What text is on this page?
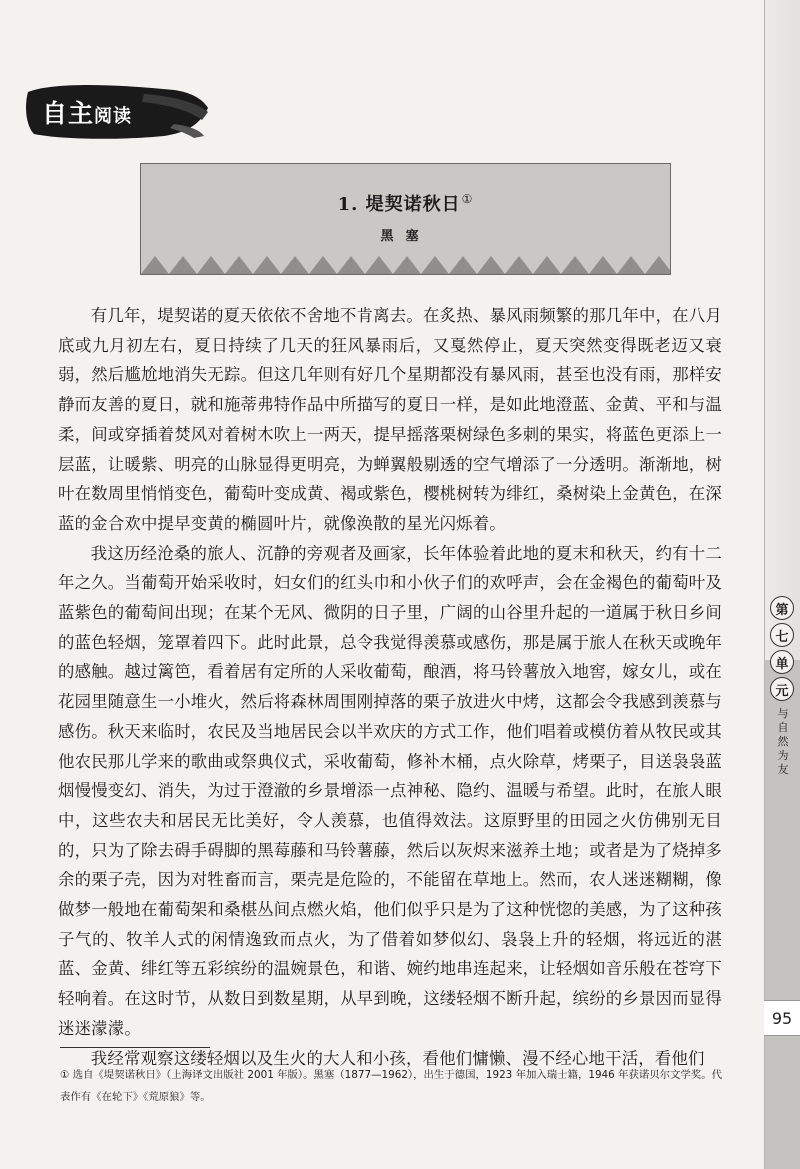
自主阅读
1. 堤契诺秋日①
黑塞

有几年，堤契诺的夏天依依不舍地不肯离去。在炙热、暴风雨频繁的那几年中，在八月底或九月初左右，夏日持续了几天的狂风暴雨后，又戛然停止，夏天突然变得既老迈又衰弱，然后尴尬地消失无踪。但这几年则有好几个星期都没有暴风雨，甚至也没有雨，那样安静而友善的夏日，就和施蒂弗特作品中所描写的夏日一样，是如此地澄蓝、金黄、平和与温柔，间或穿插着焚风对着树木吹上一两天，提早摇落栗树绿色多刺的果实，将蓝色更添上一层蓝，让暖紫、明亮的山脉显得更明亮，为蝉翼般剔透的空气增添了一分透明。渐渐地，树叶在数周里悄悄变色，葡萄叶变成黄、褐或紫色，樱桃树转为绯红，桑树染上金黄色，在深蓝的金合欢中提早变黄的椭圆叶片，就像涣散的星光闪烁着。

我这历经沧桑的旅人、沉静的旁观者及画家，长年体验着此地的夏末和秋天，约有十二年之久。当葡萄开始采收时，妇女们的红头巾和小伙子们的欢呼声，会在金褐色的葡萄叶及蓝紫色的葡萄间出现；在某个无风、微阴的日子里，广阔的山谷里升起的一道属于秋日乡间的蓝色轻烟，笼罩着四下。此时此景，总令我觉得羡慕或感伤，那是属于旅人在秋天或晚年的感触。越过篱笆，看着居有定所的人采收葡萄，酿酒，将马铃薯放入地窖，嫁女儿，或在花园里随意生一小堆火，然后将森林周围刚掉落的栗子放进火中烤，这都会令我感到羡慕与感伤。秋天来临时，农民及当地居民会以半欢庆的方式工作，他们唱着或模仿着从牧民或其他农民那儿学来的歌曲或祭典仪式，采收葡萄，修补木桶，点火除草，烤栗子，目送袅袅蓝烟慢慢变幻、消失，为过于澄澈的乡景增添一点神秘、隐约、温暖与希望。此时，在旅人眼中，这些农夫和居民无比美好，令人羡慕，也值得效法。这原野里的田园之火仿佛别无目的，只为了除去碍手碍脚的黑莓藤和马铃薯藤，然后以灰烬来滋养土地；或者是为了烧掉多余的栗子壳，因为对牲畜而言，栗壳是危险的，不能留在草地上。然而，农人迷迷糊糊，像做梦一般地在葡萄架和桑椹丛间点燃火焰，他们似乎只是为了这种恍惚的美感，为了这种孩子气的、牧羊人式的闲情逸致而点火，为了借着如梦似幻、袅袅上升的轻烟，将远近的湛蓝、金黄、绯红等五彩缤纷的温婉景色，和谐、婉约地串连起来，让轻烟如音乐般在苍穹下轻响着。在这时节，从数日到数星期，从早到晚，这缕轻烟不断升起，缤纷的乡景因而显得迷迷濛濛。

我经常观察这缕轻烟以及生火的大人和小孩，看他们慵懒、漫不经心地干活，看他们

① 选自《堤契诺秋日》（上海译文出版社 2001 年版）。黑塞（1877—1962），出生于德国，1923 年加入瑞士籍，1946 年获诺贝尔文学奖。代表作有《在轮下》《荒原狼》等。
第
七
单
元
与自然为友
95
